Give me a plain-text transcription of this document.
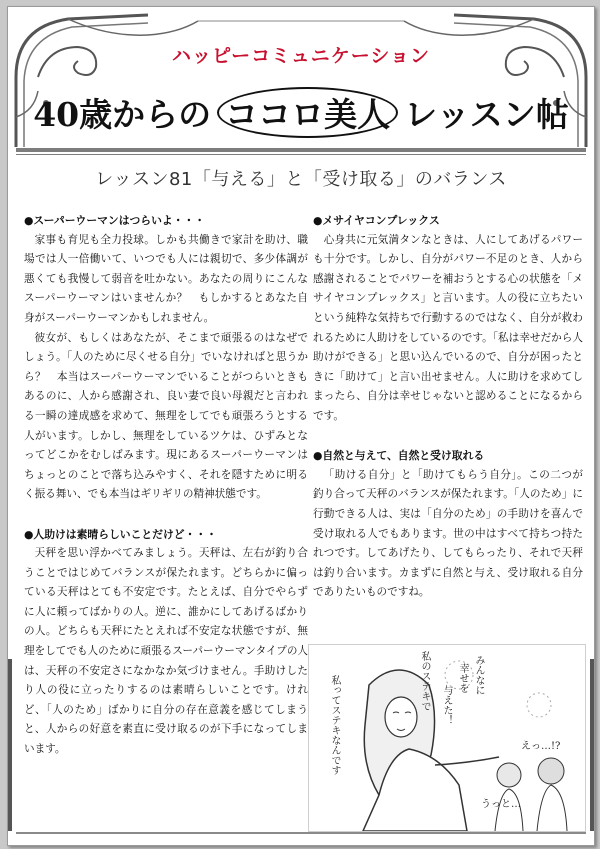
ハッピーコミュニケーション
40歳からの ココロ美人 レッスン帖
レッスン81「与える」と「受け取る」のバランス

●スーパーウーマンはつらいよ・・・

家事も育児も全力投球。しかも共働きで家計を助け、職場では人一倍働いて、いつでも人には親切で、多少体調が悪くても我慢して弱音を吐かない。あなたの周りにこんなスーパーウーマンはいませんか？　もしかするとあなた自身がスーパーウーマンかもしれません。

彼女が、もしくはあなたが、そこまで頑張るのはなぜでしょう。「人のために尽くせる自分」でいなければと思うから？　本当はスーパーウーマンでいることがつらいときもあるのに、人から感謝され、良い妻で良い母親だと言われる一瞬の達成感を求めて、無理をしてでも頑張ろうとする人がいます。しかし、無理をしているツケは、ひずみとなってどこかをむしばみます。現にあるスーパーウーマンはちょっとのことで落ち込みやすく、それを隠すために明るく振る舞い、でも本当はギリギリの精神状態です。

●人助けは素晴らしいことだけど・・・

天秤を思い浮かべてみましょう。天秤は、左右が釣り合うことではじめてバランスが保たれます。どちらかに偏っている天秤はとても不安定です。たとえば、自分でやらずに人に頼ってばかりの人。逆に、誰かにしてあげるばかりの人。どちらも天秤にたとえれば不安定な状態ですが、無理をしてでも人のために頑張るスーパーウーマンタイプの人は、天秤の不安定さになかなか気づけません。手助けしたり人の役に立ったりするのは素晴らしいことです。けれど、「人のため」ばかりに自分の存在意義を感じてしまうと、人からの好意を素直に受け取るのが下手になってしまいます。

●メサイヤコンプレックス

心身共に元気満タンなときは、人にしてあげるパワーも十分です。しかし、自分がパワー不足のとき、人から感謝されることでパワーを補おうとする心の状態を「メサイヤコンプレックス」と言います。人の役に立ちたいという純粋な気持ちで行動するのではなく、自分が救われるために人助けをしているのです。「私は幸せだから人助けができる」と思い込んでいるので、自分が困ったときに「助けて」と言い出せません。人に助けを求めてしまったら、自分は幸せじゃないと認めることになるからです。

●自然と与えて、自然と受け取れる

「助ける自分」と「助けてもらう自分」。この二つが釣り合って天秤のバランスが保たれます。「人のため」に行動できる人は、実は「自分のため」の手助けを喜んで受け取れる人でもあります。世の中はすべて持ちつ持たれつです。してあげたり、してもらったり、それで天秤は釣り合います。カまずに自然と与え、受け取れる自分でありたいものですね。

私のステキで	みんなに
幸せを
与えた！
私ってステキなんです	えっ…!?
うっと…
